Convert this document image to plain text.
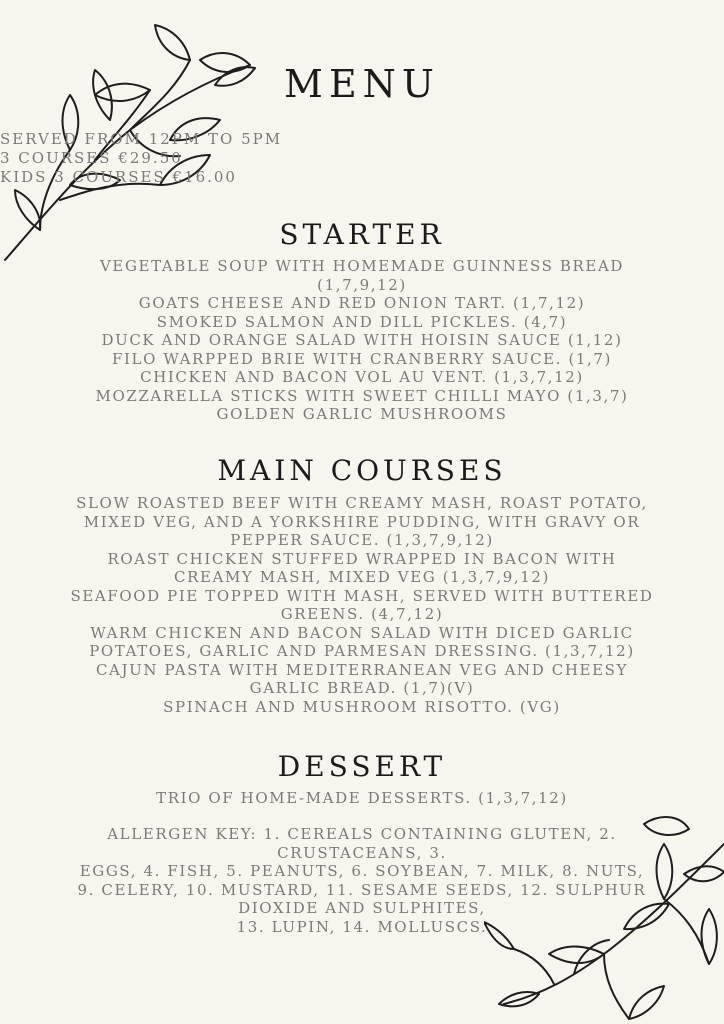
MENU
SERVED FROM 12PM TO 5PM
3 COURSES €29.50
KIDS 3 COURSES €16.00
STARTER
VEGETABLE SOUP WITH HOMEMADE GUINNESS BREAD (1,7,9,12)
GOATS CHEESE AND RED ONION TART. (1,7,12)
SMOKED SALMON AND DILL PICKLES. (4,7)
DUCK AND ORANGE SALAD WITH HOISIN SAUCE (1,12)
FILO WARPPED BRIE WITH CRANBERRY SAUCE. (1,7)
CHICKEN AND BACON VOL AU VENT. (1,3,7,12)
MOZZARELLA STICKS WITH SWEET CHILLI MAYO (1,3,7)
GOLDEN GARLIC MUSHROOMS
MAIN COURSES
SLOW ROASTED BEEF WITH CREAMY MASH, ROAST POTATO, MIXED VEG, AND A YORKSHIRE PUDDING, WITH GRAVY OR PEPPER SAUCE. (1,3,7,9,12)
ROAST CHICKEN STUFFED WRAPPED IN BACON WITH CREAMY MASH, MIXED VEG (1,3,7,9,12)
SEAFOOD PIE TOPPED WITH MASH, SERVED WITH BUTTERED GREENS. (4,7,12)
WARM CHICKEN AND BACON SALAD WITH DICED GARLIC POTATOES, GARLIC AND PARMESAN DRESSING. (1,3,7,12)
CAJUN PASTA WITH MEDITERRANEAN VEG AND CHEESY GARLIC BREAD. (1,7)(V)
SPINACH AND MUSHROOM RISOTTO. (VG)
DESSERT
TRIO OF HOME-MADE DESSERTS. (1,3,7,12)
ALLERGEN KEY: 1. CEREALS CONTAINING GLUTEN, 2. CRUSTACEANS, 3.
EGGS, 4. FISH, 5. PEANUTS, 6. SOYBEAN, 7. MILK, 8. NUTS,
9. CELERY, 10. MUSTARD, 11. SESAME SEEDS, 12. SULPHUR DIOXIDE AND SULPHITES,
13. LUPIN, 14. MOLLUSCS.
